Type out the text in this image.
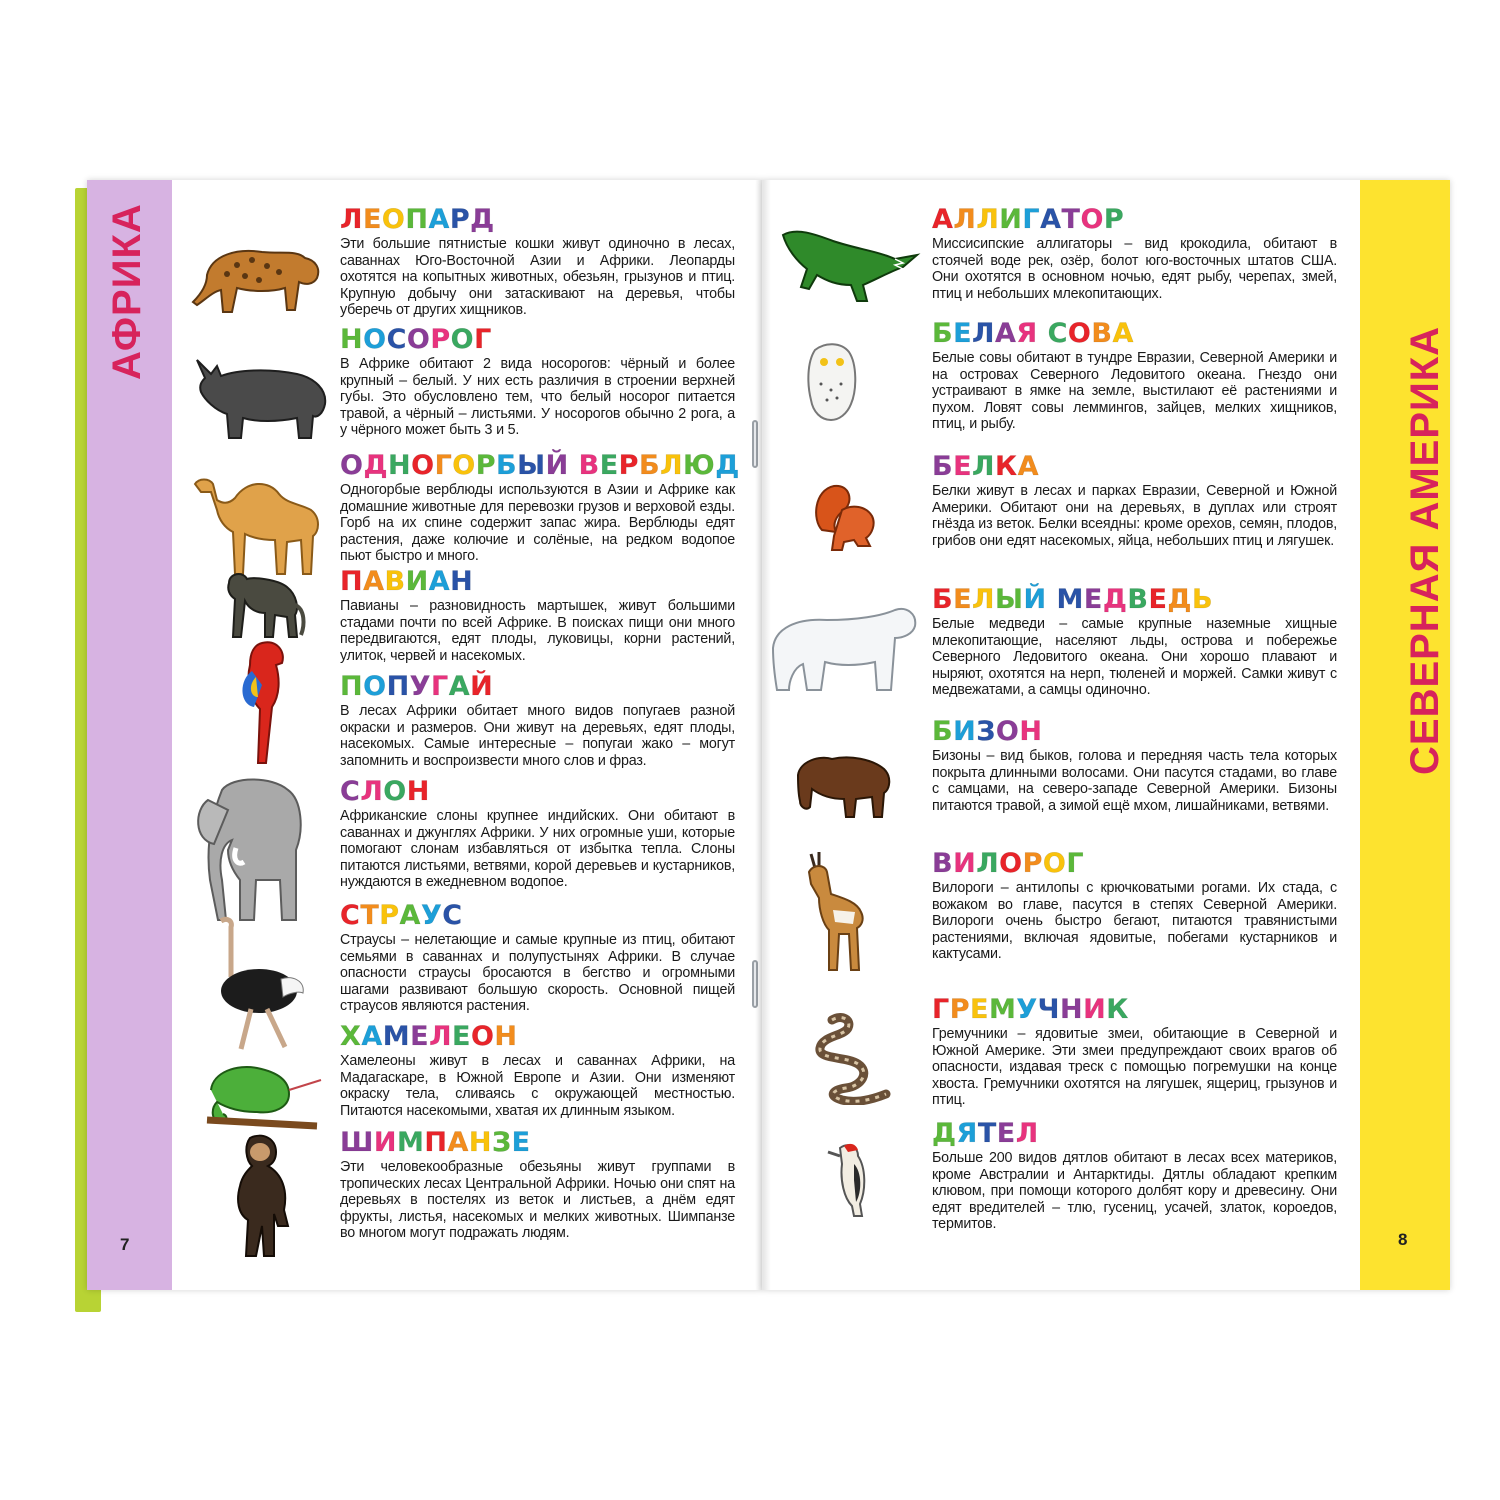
АФРИКА
7
ЛЕОПАРД
Эти большие пятнистые кошки живут одиночно в лесах, саваннах Юго-Восточной Азии и Африки. Леопарды охотятся на копытных животных, обезьян, грызунов и птиц. Крупную добычу они затаскивают на деревья, чтобы уберечь от других хищников.
НОСОРОГ
В Африке обитают 2 вида носорогов: чёрный и более крупный – белый. У них есть различия в строении верхней губы. Это обусловлено тем, что белый носорог питается травой, а чёрный – листьями. У носорогов обычно 2 рога, а у чёрного может быть 3 и 5.
ОДНОГОРБЫЙ ВЕРБЛЮД
Одногорбые верблюды используются в Азии и Африке как домашние животные для перевозки грузов и верховой езды. Горб на их спине содержит запас жира. Верблюды едят растения, даже колючие и солёные, на редком водопое пьют быстро и много.
ПАВИАН
Павианы – разновидность мартышек, живут большими стадами почти по всей Африке. В поисках пищи они много передвигаются, едят плоды, луковицы, корни растений, улиток, червей и насекомых.
ПОПУГАЙ
В лесах Африки обитает много видов попугаев разной окраски и размеров. Они живут на деревьях, едят плоды, насекомых. Самые интересные – попугаи жако – могут запомнить и воспроизвести много слов и фраз.
СЛОН
Африканские слоны крупнее индийских. Они обитают в саваннах и джунглях Африки. У них огромные уши, которые помогают слонам избавляться от избытка тепла. Слоны питаются листьями, ветвями, корой деревьев и кустарников, нуждаются в ежедневном водопое.
СТРАУС
Страусы – нелетающие и самые крупные из птиц, обитают семьями в саваннах и полупустынях Африки. В случае опасности страусы бросаются в бегство и огромными шагами развивают большую скорость. Основной пищей страусов являются растения.
ХАМЕЛЕОН
Хамелеоны живут в лесах и саваннах Африки, на Мадагаскаре, в Южной Европе и Азии. Они изменяют окраску тела, сливаясь с окружающей местностью. Питаются насекомыми, хватая их длинным языком.
ШИМПАНЗЕ
Эти человекообразные обезьяны живут группами в тропических лесах Центральной Африки. Ночью они спят на деревьях в постелях из веток и листьев, а днём едят фрукты, листья, насекомых и мелких животных. Шимпанзе во многом могут подражать людям.
СЕВЕРНАЯ АМЕРИКА
8
АЛЛИГАТОР
Миссисипские аллигаторы – вид крокодила, обитают в стоячей воде рек, озёр, болот юго-восточных штатов США. Они охотятся в основном ночью, едят рыбу, черепах, змей, птиц и небольших млекопитающих.
БЕЛАЯ СОВА
Белые совы обитают в тундре Евразии, Северной Америки и на островах Северного Ледовитого океана. Гнездо они устраивают в ямке на земле, выстилают её растениями и пухом. Ловят совы леммингов, зайцев, мелких хищников, птиц, и рыбу.
БЕЛКА
Белки живут в лесах и парках Евразии, Северной и Южной Америки. Обитают они на деревьях, в дуплах или строят гнёзда из веток. Белки всеядны: кроме орехов, семян, плодов, грибов они едят насекомых, яйца, небольших птиц и лягушек.
БЕЛЫЙ МЕДВЕДЬ
Белые медведи – самые крупные наземные хищные млекопитающие, населяют льды, острова и побережье Северного Ледовитого океана. Они хорошо плавают и ныряют, охотятся на нерп, тюленей и моржей. Самки живут с медвежатами, а самцы одиночно.
БИЗОН
Бизоны – вид быков, голова и передняя часть тела которых покрыта длинными волосами. Они пасутся стадами, во главе с самцами, на северо-западе Северной Америки. Бизоны питаются травой, а зимой ещё мхом, лишайниками, ветвями.
ВИЛОРОГ
Вилороги – антилопы с крючковатыми рогами. Их стада, с вожаком во главе, пасутся в степях Северной Америки. Вилороги очень быстро бегают, питаются травянистыми растениями, включая ядовитые, побегами кустарников и кактусами.
ГРЕМУЧНИК
Гремучники – ядовитые змеи, обитающие в Северной и Южной Америке. Эти змеи предупреждают своих врагов об опасности, издавая треск с помощью погремушки на конце хвоста. Гремучники охотятся на лягушек, ящериц, грызунов и птиц.
ДЯТЕЛ
Больше 200 видов дятлов обитают в лесах всех материков, кроме Австралии и Антарктиды. Дятлы обладают крепким клювом, при помощи которого долбят кору и древесину. Они едят вредителей – тлю, гусениц, усачей, златок, короедов, термитов.
